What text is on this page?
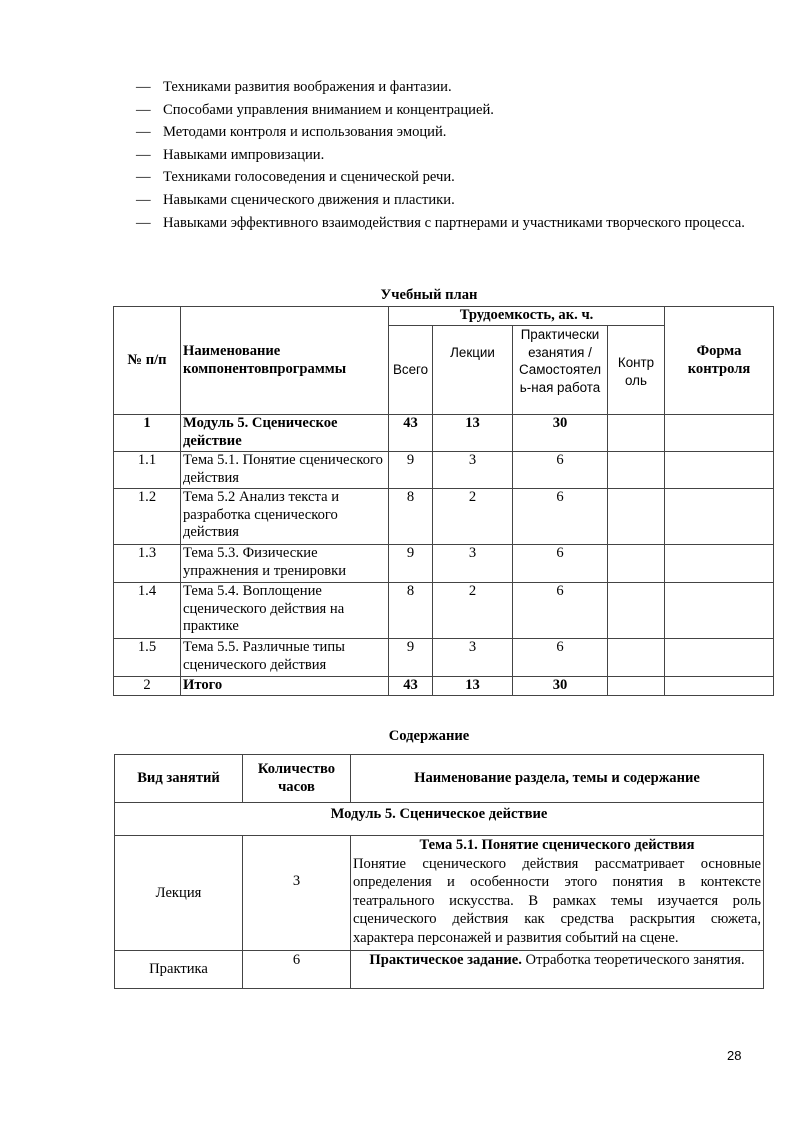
— Техниками развития воображения и фантазии.
— Способами управления вниманием и концентрацией.
— Методами контроля и использования эмоций.
— Навыками импровизации.
— Техниками голосоведения и сценической речи.
— Навыками сценического движения и пластики.
— Навыками эффективного взаимодействия с партнерами и участниками творческого процесса.
Учебный план
№ п/п	Наименование компонентовпрограммы	Трудоемкость, ак. ч.				Форма контроля
		Всего	Лекции	Практически езанятия / Самостоятел ь-ная работа	Контр оль	
1	Модуль 5. Сценическое действие	43	13	30		
1.1	Тема 5.1. Понятие сценического действия	9	3	6		
1.2	Тема 5.2 Анализ текста и разработка сценического действия	8	2	6		
1.3	Тема 5.3. Физические упражнения и тренировки	9	3	6		
1.4	Тема 5.4. Воплощение сценического действия на практике	8	2	6		
1.5	Тема 5.5. Различные типы сценического действия	9	3	6		
2	Итого	43	13	30		
Содержание
Вид занятий	Количество часов	Наименование раздела, темы и содержание
Модуль 5. Сценическое действие		
Лекция	3	Тема 5.1. Понятие сценического действия
Понятие сценического действия рассматривает основные определения и особенности этого понятия в контексте театрального искусства. В рамках темы изучается роль сценического действия как средства раскрытия сюжета, характера персонажей и развития событий на сцене.

Практика	6	Практическое задание. Отработка теоретического занятия.
28
